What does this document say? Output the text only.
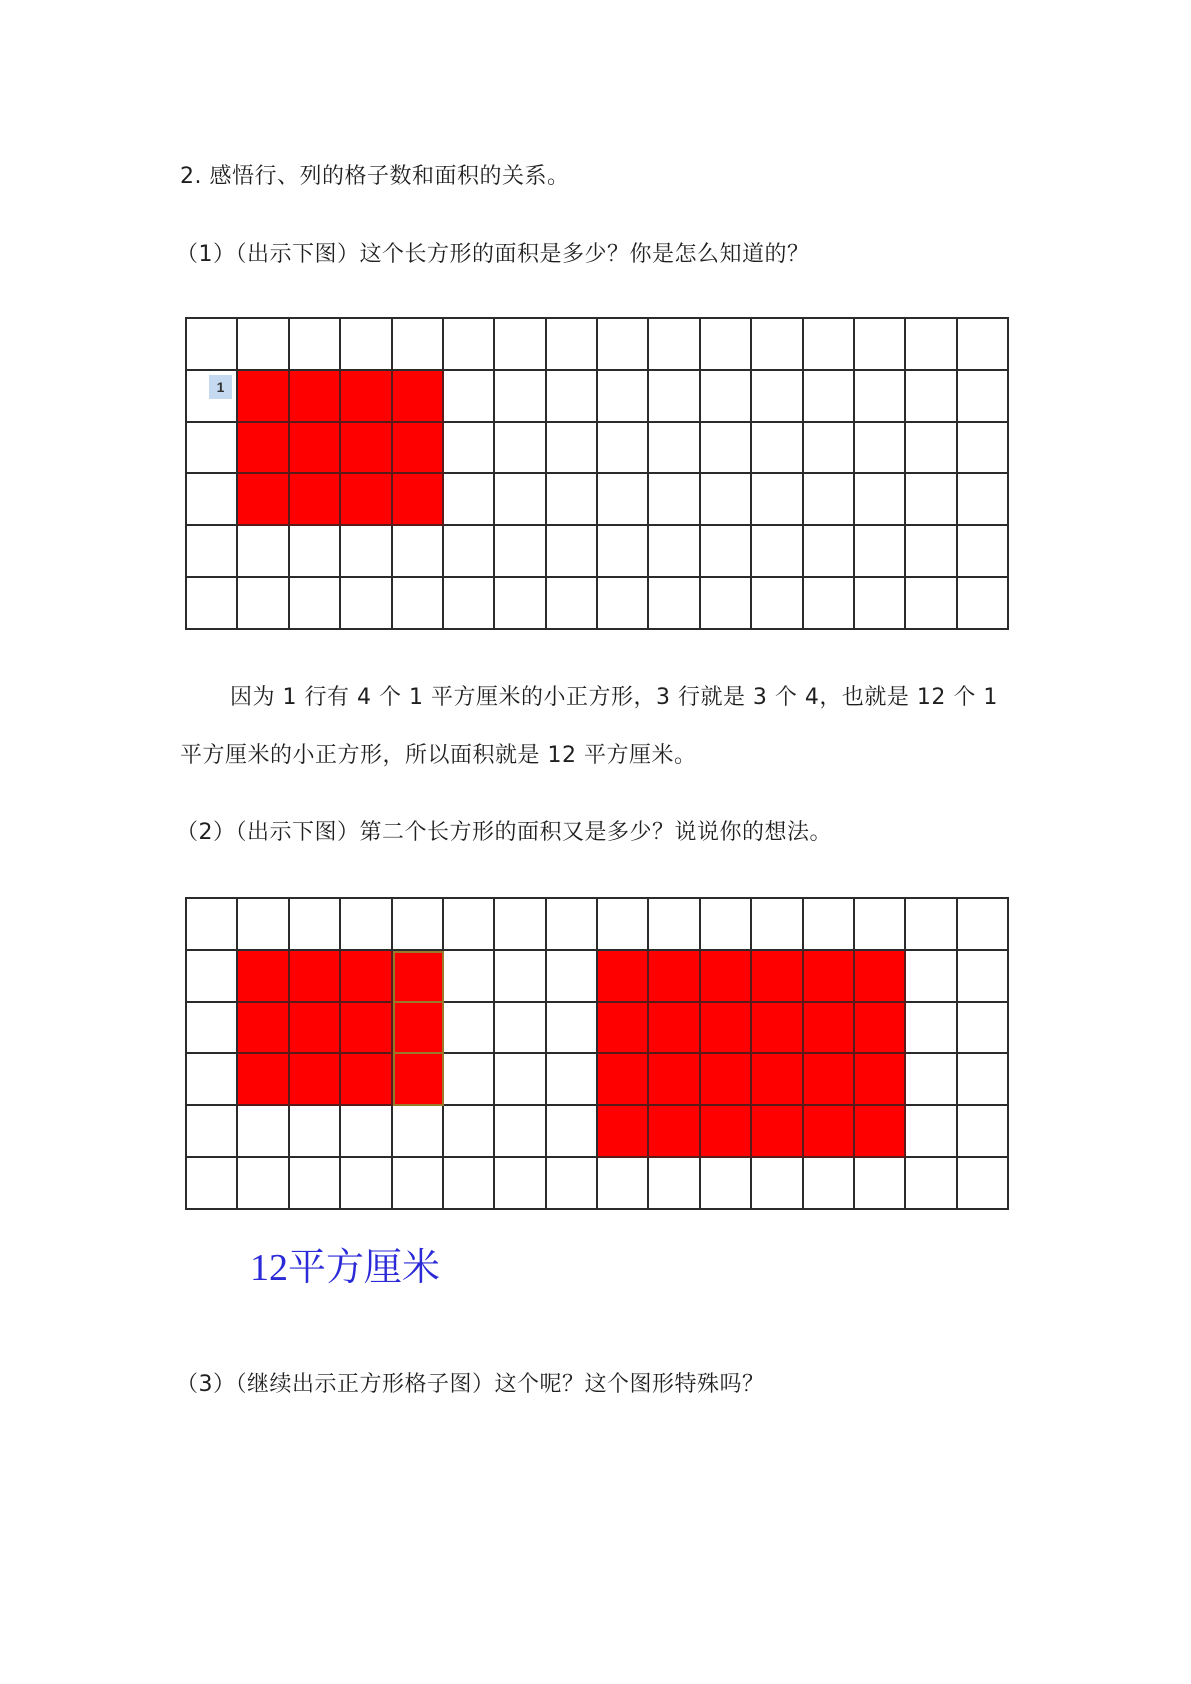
2. 感悟行、列的格子数和面积的关系。
（1）（出示下图）这个长方形的面积是多少？你是怎么知道的？
1
因为 1 行有 4 个 1 平方厘米的小正方形，3 行就是 3 个 4，也就是 12 个 1
平方厘米的小正方形，所以面积就是 12 平方厘米。
（2）（出示下图）第二个长方形的面积又是多少？说说你的想法。
12平方厘米
（3）（继续出示正方形格子图）这个呢？这个图形特殊吗？
